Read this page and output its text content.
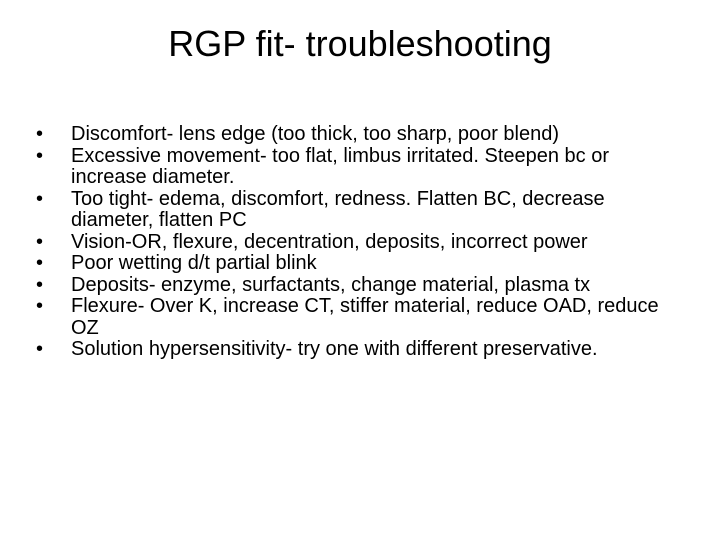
RGP fit- troubleshooting
• Discomfort- lens edge (too thick, too sharp, poor blend)
• Excessive movement- too flat, limbus irritated. Steepen bc or increase diameter.
• Too tight- edema, discomfort, redness. Flatten BC, decrease diameter, flatten PC
• Vision-OR, flexure, decentration, deposits, incorrect power
• Poor wetting d/t partial blink
• Deposits- enzyme, surfactants, change material, plasma tx
• Flexure- Over K, increase CT, stiffer material, reduce OAD, reduce OZ
• Solution hypersensitivity- try one with different preservative.
